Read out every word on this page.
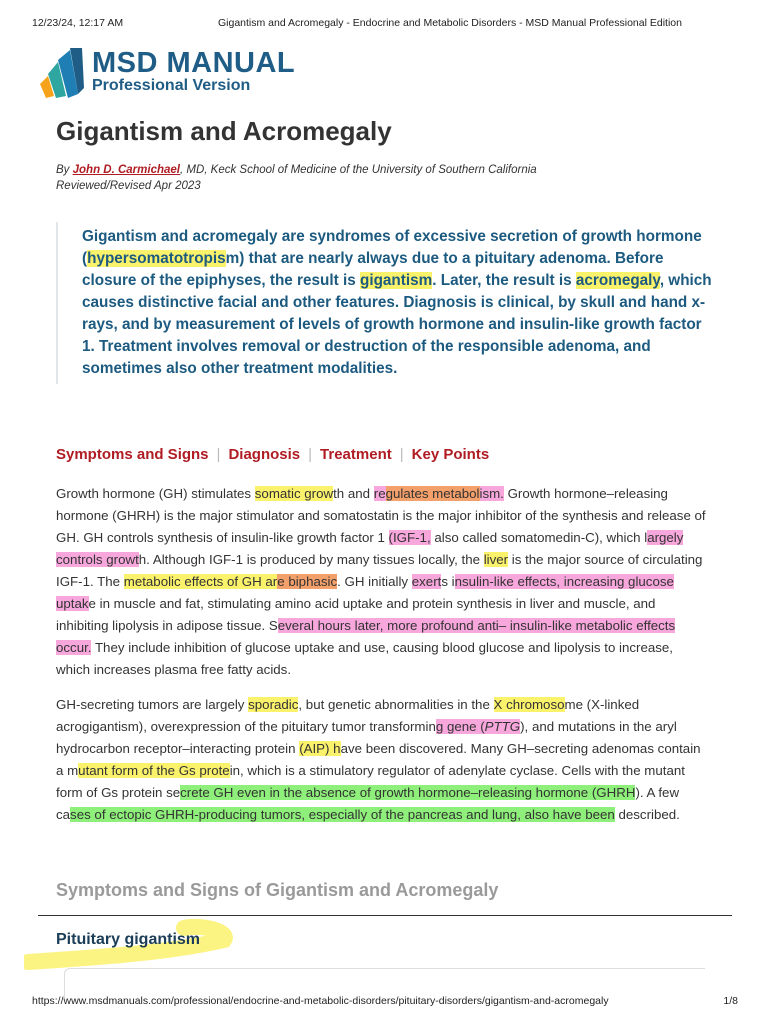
12/23/24, 12:17 AM	Gigantism and Acromegaly - Endocrine and Metabolic Disorders - MSD Manual Professional Edition
MSD MANUAL
Professional Version
Gigantism and Acromegaly
By John D. Carmichael, MD, Keck School of Medicine of the University of Southern California
Reviewed/Revised Apr 2023

Gigantism and acromegaly are syndromes of excessive secretion of growth hormone (hypersomatotropism) that are nearly always due to a pituitary adenoma. Before closure of the epiphyses, the result is gigantism. Later, the result is acromegaly, which causes distinctive facial and other features. Diagnosis is clinical, by skull and hand x-rays, and by measurement of levels of growth hormone and insulin-like growth factor 1. Treatment involves removal or destruction of the responsible adenoma, and sometimes also other treatment modalities.

Symptoms and Signs | Diagnosis | Treatment | Key Points

Growth hormone (GH) stimulates somatic growth and regulates metabolism. Growth hormone–releasing hormone (GHRH) is the major stimulator and somatostatin is the major inhibitor of the synthesis and release of GH. GH controls synthesis of insulin-like growth factor 1 (IGF-1, also called somatomedin-C), which largely controls growth. Although IGF-1 is produced by many tissues locally, the liver is the major source of circulating IGF-1. The metabolic effects of GH are biphasic. GH initially exerts insulin-like effects, increasing glucose uptake in muscle and fat, stimulating amino acid uptake and protein synthesis in liver and muscle, and inhibiting lipolysis in adipose tissue. Several hours later, more profound anti– insulin-like metabolic effects occur. They include inhibition of glucose uptake and use, causing blood glucose and lipolysis to increase, which increases plasma free fatty acids.

GH-secreting tumors are largely sporadic, but genetic abnormalities in the X chromosome (X-linked acrogigantism), overexpression of the pituitary tumor transforming gene (PTTG), and mutations in the aryl hydrocarbon receptor–interacting protein (AIP) have been discovered. Many GH–secreting adenomas contain a mutant form of the Gs protein, which is a stimulatory regulator of adenylate cyclase. Cells with the mutant form of Gs protein secrete GH even in the absence of growth hormone–releasing hormone (GHRH). A few cases of ectopic GHRH-producing tumors, especially of the pancreas and lung, also have been described.

Symptoms and Signs of Gigantism and Acromegaly
Pituitary gigantism
https://www.msdmanuals.com/professional/endocrine-and-metabolic-disorders/pituitary-disorders/gigantism-and-acromegaly	1/8
